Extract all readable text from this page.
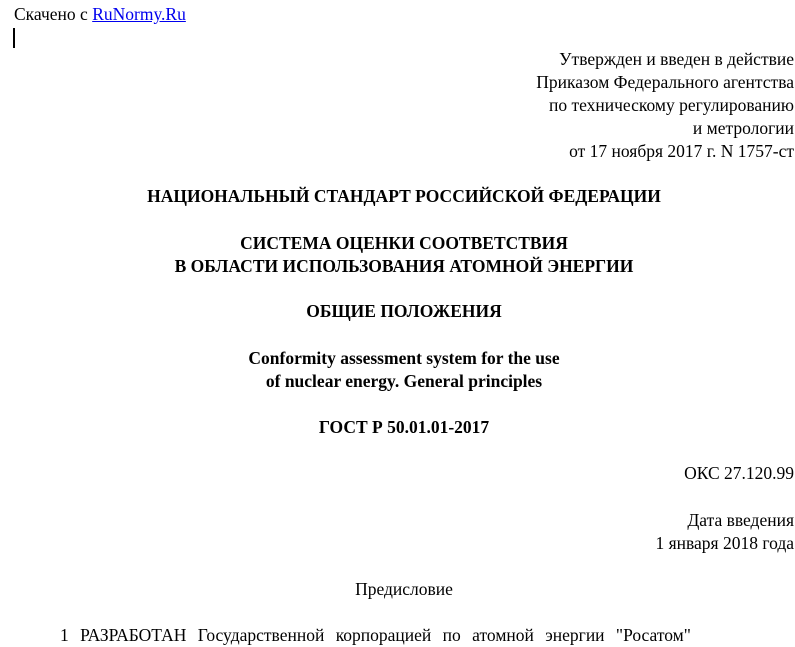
Скачено с RuNormy.Ru
Утвержден и введен в действие
Приказом Федерального агентства
по техническому регулированию
и метрологии
от 17 ноября 2017 г. N 1757-ст
НАЦИОНАЛЬНЫЙ СТАНДАРТ РОССИЙСКОЙ ФЕДЕРАЦИИ
СИСТЕМА ОЦЕНКИ СООТВЕТСТВИЯ
В ОБЛАСТИ ИСПОЛЬЗОВАНИЯ АТОМНОЙ ЭНЕРГИИ
ОБЩИЕ ПОЛОЖЕНИЯ
Conformity assessment system for the use
of nuclear energy. General principles
ГОСТ Р 50.01.01-2017
ОКС 27.120.99
Дата введения
1 января 2018 года
Предисловие
1 РАЗРАБОТАН Государственной корпорацией по атомной энергии "Росатом"
